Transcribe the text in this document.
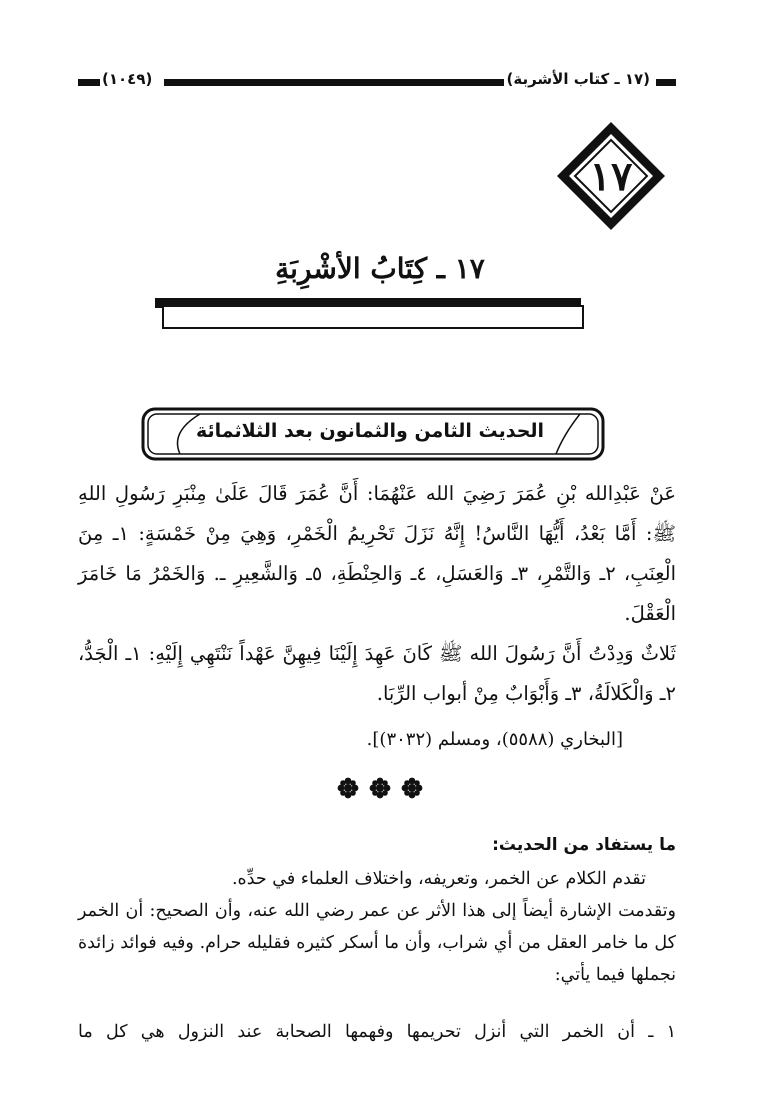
(١٠٤٩)	(١٧ ـ كتاب الأشربة)
١٧
١٧ ـ كِتَابُ الأشْرِبَةِ
الحديث الثامن والثمانون بعد الثلاثمائة
عَنْ عَبْدِالله بْنِ عُمَرَ رَضِيَ الله عَنْهُمَا: أَنَّ عُمَرَ قَالَ عَلَىٰ مِنْبَرِ رَسُولِ اللهِ ﷺ: أَمَّا بَعْدُ، أَيُّهَا النَّاسُ! إِنَّهُ نَزَلَ تَحْرِيمُ الْخَمْرِ، وَهِيَ مِنْ خَمْسَةٍ: ١ـ مِنَ الْعِنَبِ، ٢ـ وَالتَّمْرِ، ٣ـ وَالعَسَلِ، ٤ـ وَالحِنْطَةِ، ٥ـ وَالشَّعِيرِ ـ. وَالخَمْرُ مَا خَامَرَ الْعَقْلَ.
ثَلاثٌ وَدِدْتُ أَنَّ رَسُولَ الله ﷺ كَانَ عَهِدَ إِلَيْنَا فِيهِنَّ عَهْداً نَنْتَهِي إِلَيْهِ: ١ـ الْجَدُّ، ٢ـ وَالْكَلالَةُ، ٣ـ وَأَبْوَابٌ مِنْ أبواب الرِّبَا.
[البخاري (٥٥٨٨)، ومسلم (٣٠٣٢)].
ما يستفاد من الحديث:
تقدم الكلام عن الخمر، وتعريفه، واختلاف العلماء في حدِّه.
وتقدمت الإشارة أيضاً إلى هذا الأثر عن عمر رضي الله عنه، وأن الصحيح: أن الخمر كل ما خامر العقل من أي شراب، وأن ما أسكر كثيره فقليله حرام. وفيه فوائد زائدة نجملها فيما يأتي:
١ ـ أن الخمر التي أنزل تحريمها وفهمها الصحابة عند النزول هي كل ما
